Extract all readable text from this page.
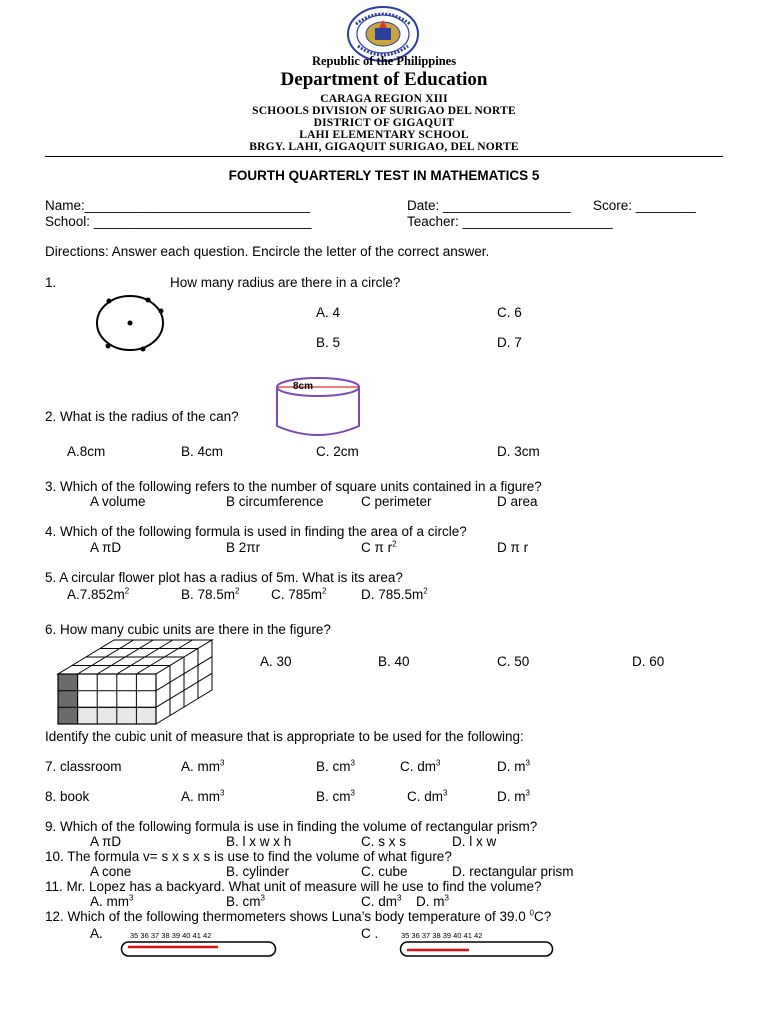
Republic of the Philippines
Department of Education
CARAGA REGION XIII
SCHOOLS DIVISION OF SURIGAO DEL NORTE
DISTRICT OF GIGAQUIT
LAHI ELEMENTARY SCHOOL
BRGY. LAHI, GIGAQUIT SURIGAO, DEL NORTE
FOURTH QUARTERLY TEST IN MATHEMATICS 5
Name:______________________________	Date: _________________ Score: ________
School: _____________________________	Teacher: ____________________
Directions: Answer each question. Encircle the letter of the correct answer.
1.	How many radius are there in a circle?
A. 4	C. 6
B. 5	D. 7
8cm
2. What is the radius of the can?
A.8cm	B. 4cm	C. 2cm	D. 3cm
3. Which of the following refers to the number of square units contained in a figure?
A volume	B circumference	C perimeter	D area
4. Which of the following formula is used in finding the area of a circle?
A πD	B 2πr	C π $r^2$	D π r
5. A circular flower plot has a radius of 5m. What is its area?
$A.7.852m^2$	B. $78.5m^2$ C. $785m^2$	D. $785.5m^2$
6. How many cubic units are there in the figure?
A. 30	B. 40	C. 50	D. 60
Identify the cubic unit of measure that is appropriate to be used for the following:
7. classroom	A. $mm^3$	B. $cm^3$	C. $dm^3$	D. $m^3$
8. book	A. $mm^3$	B. $cm^3$	C. $dm^3$	D. $m^3$
9. Which of the following formula is use in finding the volume of rectangular prism?
A πD	B. l x w x h	C. s x s	D. l x w
10. The formula v= s x s x s is use to find the volume of what figure?
A cone	B. cylinder	C. cube	D. rectangular prism
11. Mr. Lopez has a backyard. What unit of measure will he use to find the volume?
A. $mm^3$	B. $cm^3$	C. $dm^3$ D. $m^3$
12. Which of the following thermometers shows Luna’s body temperature of 39.0 $^0$C?
A.	35 36 37 38 39 40 41 42	C .	35 36 37 38 39 40 41 42
